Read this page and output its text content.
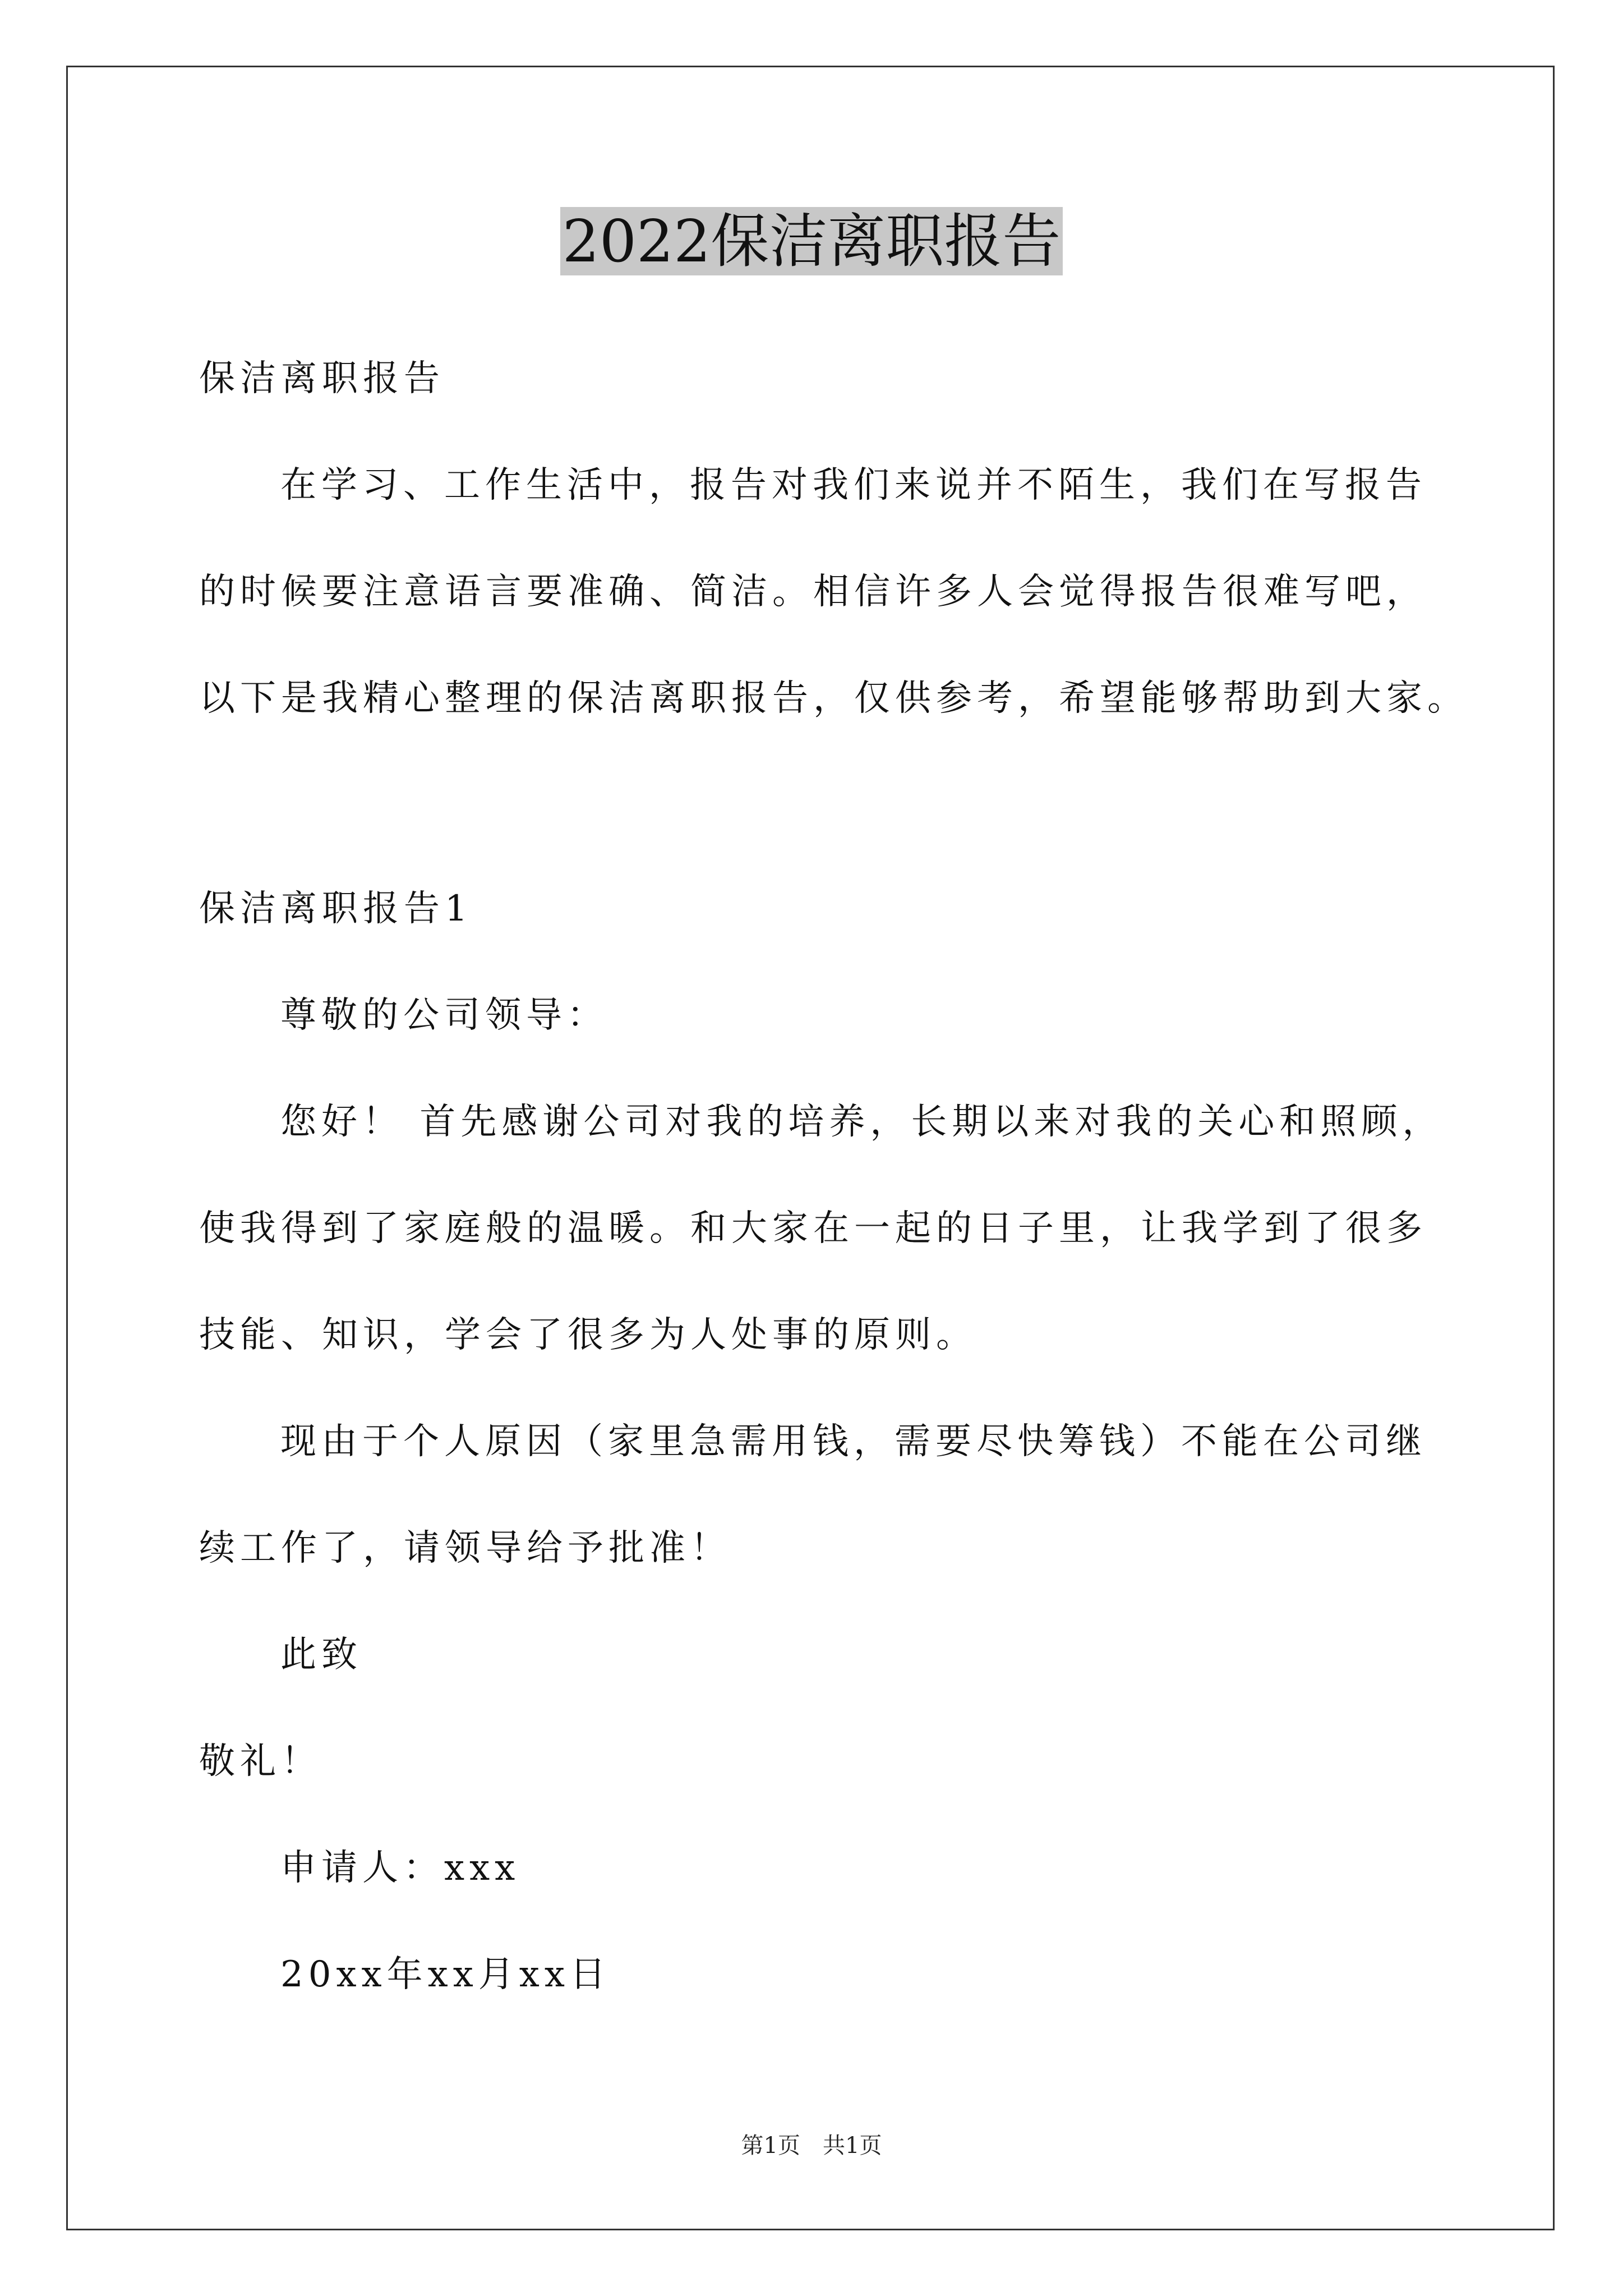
2022保洁离职报告
保洁离职报告
在学习、工作生活中，报告对我们来说并不陌生，我们在写报告
的时候要注意语言要准确、简洁。相信许多人会觉得报告很难写吧，
以下是我精心整理的保洁离职报告，仅供参考，希望能够帮助到大家。
保洁离职报告1
尊敬的公司领导：
您好！ 首先感谢公司对我的培养，长期以来对我的关心和照顾，
使我得到了家庭般的温暖。和大家在一起的日子里，让我学到了很多
技能、知识，学会了很多为人处事的原则。
现由于个人原因（家里急需用钱，需要尽快筹钱）不能在公司继
续工作了，请领导给予批准！
此致
敬礼！
申请人：xxx
20xx年xx月xx日
第1页 共1页
